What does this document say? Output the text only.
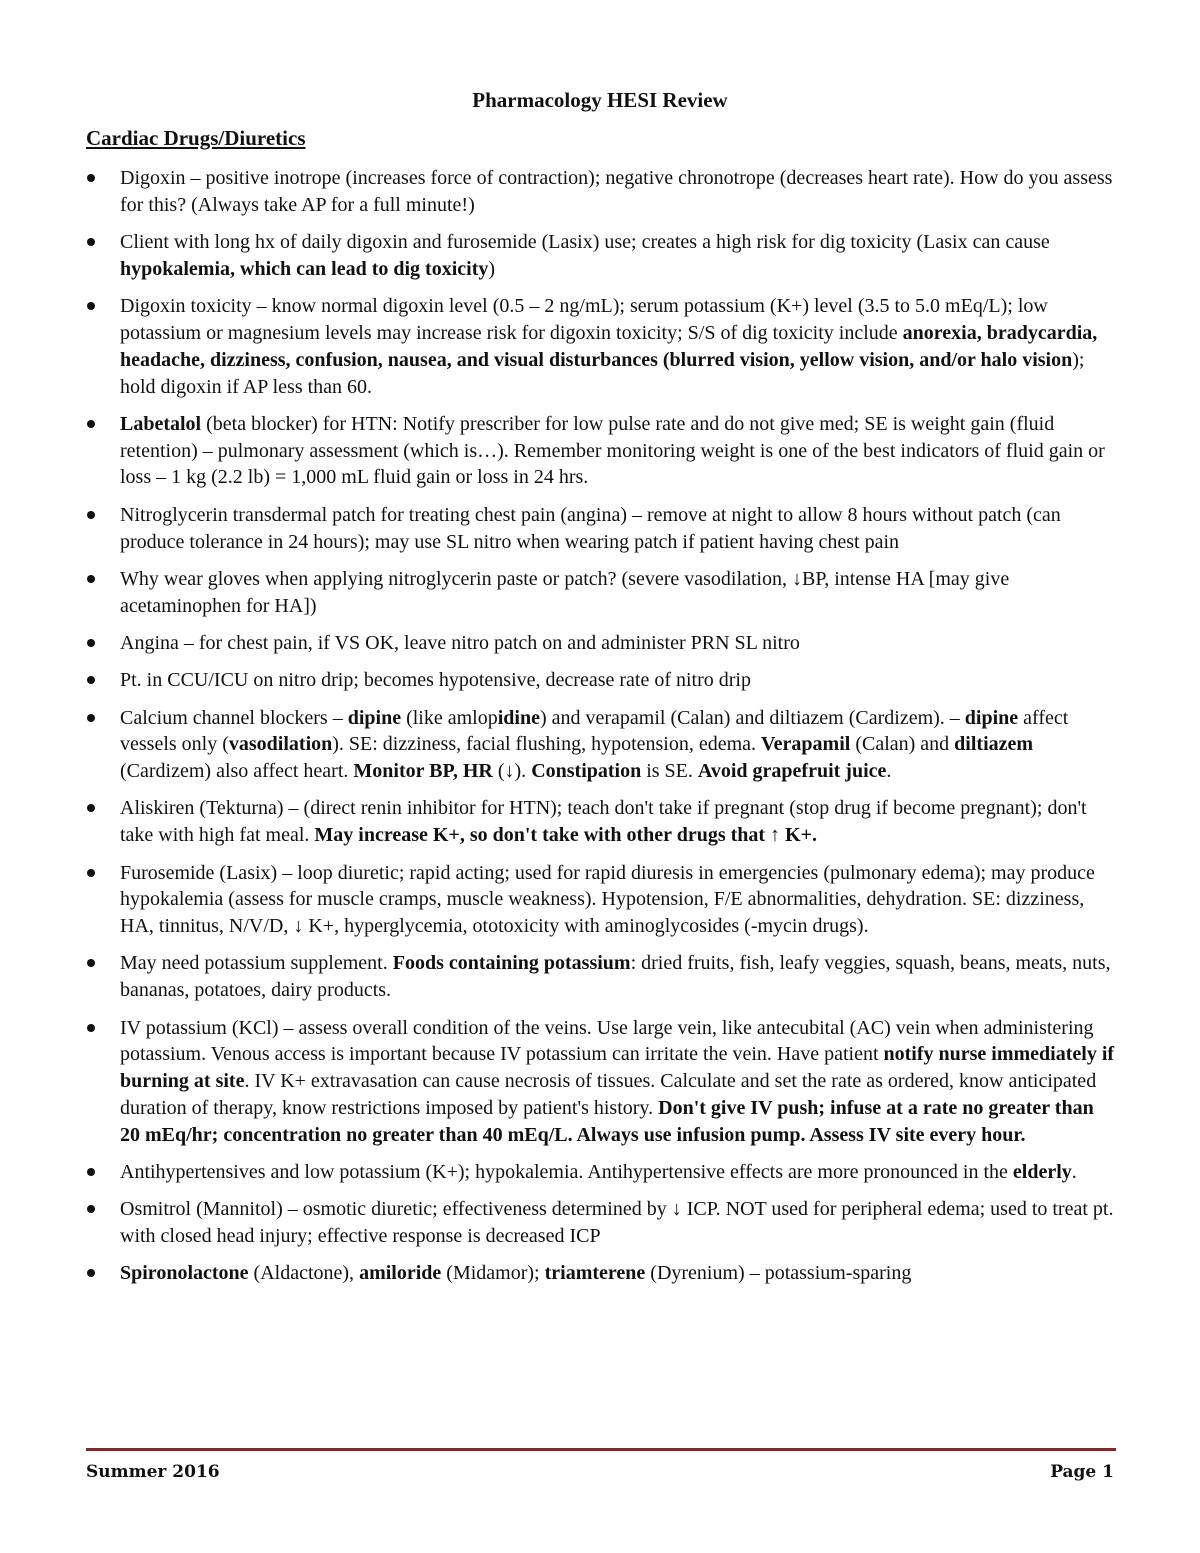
Pharmacology HESI Review
Cardiac Drugs/Diuretics
Digoxin – positive inotrope (increases force of contraction); negative chronotrope (decreases heart rate). How do you assess for this? (Always take AP for a full minute!)
Client with long hx of daily digoxin and furosemide (Lasix) use; creates a high risk for dig toxicity (Lasix can cause hypokalemia, which can lead to dig toxicity)
Digoxin toxicity – know normal digoxin level (0.5 – 2 ng/mL); serum potassium (K+) level (3.5 to 5.0 mEq/L); low potassium or magnesium levels may increase risk for digoxin toxicity; S/S of dig toxicity include anorexia, bradycardia, headache, dizziness, confusion, nausea, and visual disturbances (blurred vision, yellow vision, and/or halo vision); hold digoxin if AP less than 60.
Labetalol (beta blocker) for HTN: Notify prescriber for low pulse rate and do not give med; SE is weight gain (fluid retention) – pulmonary assessment (which is…). Remember monitoring weight is one of the best indicators of fluid gain or loss – 1 kg (2.2 lb) = 1,000 mL fluid gain or loss in 24 hrs.
Nitroglycerin transdermal patch for treating chest pain (angina) – remove at night to allow 8 hours without patch (can produce tolerance in 24 hours); may use SL nitro when wearing patch if patient having chest pain
Why wear gloves when applying nitroglycerin paste or patch? (severe vasodilation, ↓BP, intense HA [may give acetaminophen for HA])
Angina – for chest pain, if VS OK, leave nitro patch on and administer PRN SL nitro
Pt. in CCU/ICU on nitro drip; becomes hypotensive, decrease rate of nitro drip
Calcium channel blockers – dipine (like amlopidine) and verapamil (Calan) and diltiazem (Cardizem). – dipine affect vessels only (vasodilation). SE: dizziness, facial flushing, hypotension, edema. Verapamil (Calan) and diltiazem (Cardizem) also affect heart. Monitor BP, HR (↓). Constipation is SE. Avoid grapefruit juice.
Aliskiren (Tekturna) – (direct renin inhibitor for HTN); teach don't take if pregnant (stop drug if become pregnant); don't take with high fat meal. May increase K+, so don't take with other drugs that ↑ K+.
Furosemide (Lasix) – loop diuretic; rapid acting; used for rapid diuresis in emergencies (pulmonary edema); may produce hypokalemia (assess for muscle cramps, muscle weakness). Hypotension, F/E abnormalities, dehydration. SE: dizziness, HA, tinnitus, N/V/D, ↓ K+, hyperglycemia, ototoxicity with aminoglycosides (-mycin drugs).
May need potassium supplement. Foods containing potassium: dried fruits, fish, leafy veggies, squash, beans, meats, nuts, bananas, potatoes, dairy products.
IV potassium (KCl) – assess overall condition of the veins. Use large vein, like antecubital (AC) vein when administering potassium. Venous access is important because IV potassium can irritate the vein. Have patient notify nurse immediately if burning at site. IV K+ extravasation can cause necrosis of tissues. Calculate and set the rate as ordered, know anticipated duration of therapy, know restrictions imposed by patient's history. Don't give IV push; infuse at a rate no greater than 20 mEq/hr; concentration no greater than 40 mEq/L. Always use infusion pump. Assess IV site every hour.
Antihypertensives and low potassium (K+); hypokalemia. Antihypertensive effects are more pronounced in the elderly.
Osmitrol (Mannitol) – osmotic diuretic; effectiveness determined by ↓ ICP. NOT used for peripheral edema; used to treat pt. with closed head injury; effective response is decreased ICP
Spironolactone (Aldactone), amiloride (Midamor); triamterene (Dyrenium) – potassium-sparing
Summer 2016	Page 1
